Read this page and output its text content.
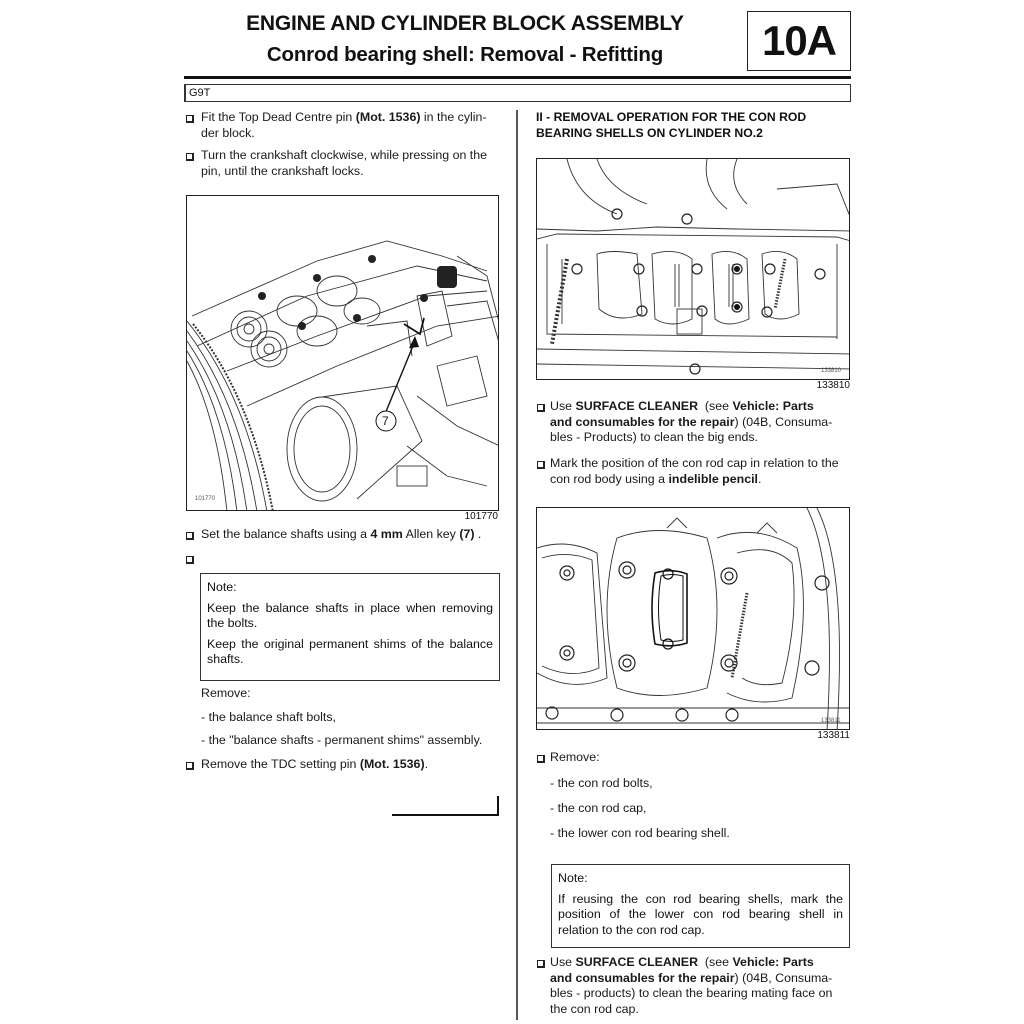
ENGINE AND CYLINDER BLOCK ASSEMBLY
Conrod bearing shell: Removal - Refitting	10A
G9T
Fit the Top Dead Centre pin (Mot. 1536) in the cylin-
der block.
Turn the crankshaft clockwise, while pressing on the
pin, until the crankshaft locks.
7
101770
101770
Set the balance shafts using a 4 mm Allen key (7) .
Note:
Keep the balance shafts in place when removing the bolts.
Keep the original permanent shims of the balance shafts.
Remove:
- the balance shaft bolts,
- the "balance shafts - permanent shims" assembly.
Remove the TDC setting pin (Mot. 1536).
II - REMOVAL OPERATION FOR THE CON ROD
BEARING SHELLS ON CYLINDER NO.2
133810
133810
Use SURFACE CLEANER  (see Vehicle: Parts
and consumables for the repair) (04B, Consuma-
bles - Products) to clean the big ends.
Mark the position of the con rod cap in relation to the
con rod body using a indelible pencil.
133811
133811
Remove:
- the con rod bolts,
- the con rod cap,
- the lower con rod bearing shell.
Note:
If reusing the con rod bearing shells, mark the position of the lower con rod bearing shell in relation to the con rod cap.
Use SURFACE CLEANER  (see Vehicle: Parts
and consumables for the repair) (04B, Consuma-
bles - products) to clean the bearing mating face on
the con rod cap.
